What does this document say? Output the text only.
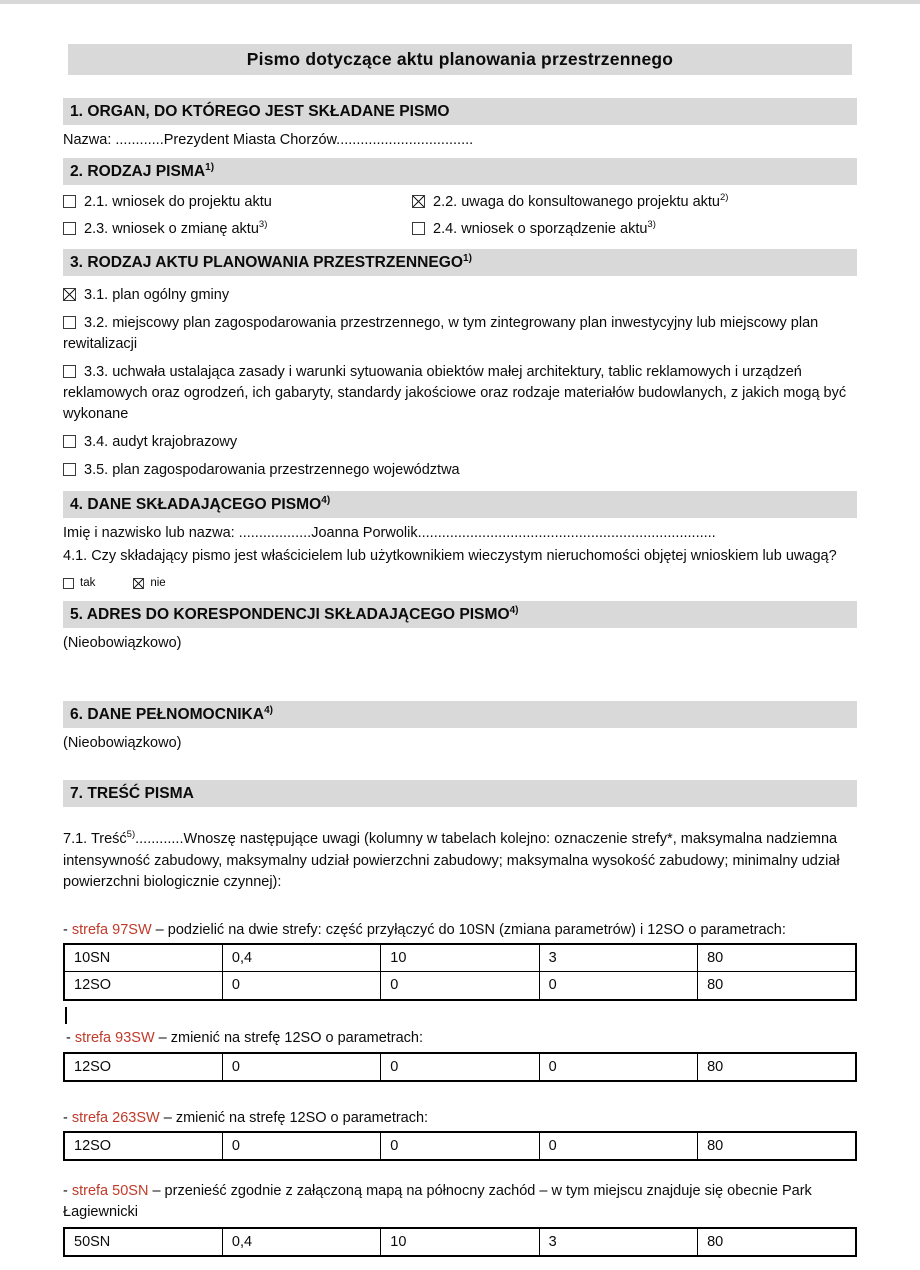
Pismo dotyczące aktu planowania przestrzennego
1. ORGAN, DO KTÓREGO JEST SKŁADANE PISMO

Nazwa: ............Prezydent Miasta Chorzów..................................

2. RODZAJ PISMA$^{1)}$
2.1. wniosek do projektu aktu	2.2. uwaga do konsultowanego projektu aktu$^{2)}$
2.3. wniosek o zmianę aktu$^{3)}$	2.4. wniosek o sporządzenie aktu$^{3)}$
3. RODZAJ AKTU PLANOWANIA PRZESTRZENNEGO$^{1)}$

3.1. plan ogólny gminy

3.2. miejscowy plan zagospodarowania przestrzennego, w tym zintegrowany plan inwestycyjny lub miejscowy plan rewitalizacji

3.3. uchwała ustalająca zasady i warunki sytuowania obiektów małej architektury, tablic reklamowych i urządzeń reklamowych oraz ogrodzeń, ich gabaryty, standardy jakościowe oraz rodzaje materiałów budowlanych, z jakich mogą być wykonane

3.4. audyt krajobrazowy

3.5. plan zagospodarowania przestrzennego województwa

4. DANE SKŁADAJĄCEGO PISMO$^{4)}$

Imię i nazwisko lub nazwa: ..................Joanna Porwolik..........................................................................

4.1. Czy składający pismo jest właścicielem lub użytkownikiem wieczystym nieruchomości objętej wnioskiem lub uwagą?

tak	nie
5. ADRES DO KORESPONDENCJI SKŁADAJĄCEGO PISMO$^{4)}$

(Nieobowiązkowo)

6. DANE PEŁNOMOCNIKA$^{4)}$

(Nieobowiązkowo)

7. TREŚĆ PISMA

7.1. Treść$^{5)}$............Wnoszę następujące uwagi (kolumny w tabelach kolejno: oznaczenie strefy*, maksymalna nadziemna intensywność zabudowy, maksymalny udział powierzchni zabudowy; maksymalna wysokość zabudowy; minimalny udział powierzchni biologicznie czynnej):

- strefa 97SW – podzielić na dwie strefy: część przyłączyć do 10SN (zmiana parametrów) i 12SO o parametrach:

10SN	0,4	10	3	80
12SO	0	0	0	80

- strefa 93SW – zmienić na strefę 12SO o parametrach:

12SO	0	0	0	80

- strefa 263SW – zmienić na strefę 12SO o parametrach:

12SO	0	0	0	80

- strefa 50SN – przenieść zgodnie z załączoną mapą na północny zachód – w tym miejscu znajduje się obecnie Park Łagiewnicki

50SN	0,4	10	3	80
